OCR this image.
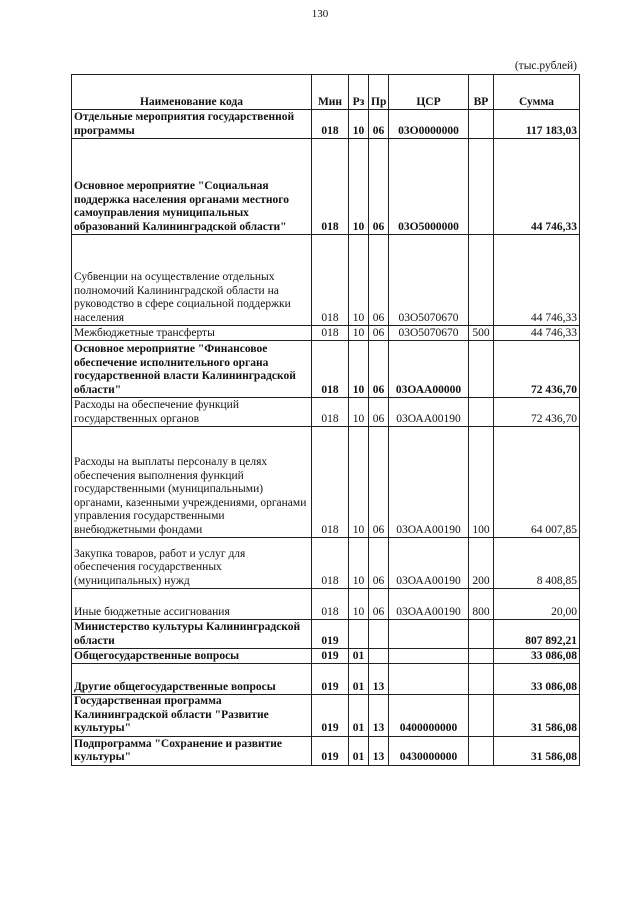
130
(тыс.рублей)
Наименование кода	Мин	Рз	Пр	ЦСР	ВР	Сумма
Отдельные мероприятия государственной программы	018	10	06	03О0000000		117 183,03
Основное мероприятие "Социальная поддержка населения органами местного самоуправления муниципальных образований Калининградской области"	018	10	06	03О5000000		44 746,33
Субвенции на осуществление отдельных полномочий Калининградской области на руководство в сфере социальной поддержки населения	018	10	06	03О5070670		44 746,33
Межбюджетные трансферты	018	10	06	03О5070670	500	44 746,33
Основное мероприятие "Финансовое обеспечение исполнительного органа государственной власти Калининградской области"	018	10	06	03ОАА00000		72 436,70
Расходы на обеспечение функций государственных органов	018	10	06	03ОАА00190		72 436,70
Расходы на выплаты персоналу в целях обеспечения выполнения функций государственными (муниципальными) органами, казенными учреждениями, органами управления государственными внебюджетными фондами	018	10	06	03ОАА00190	100	64 007,85
Закупка товаров, работ и услуг для обеспечения государственных (муниципальных) нужд	018	10	06	03ОАА00190	200	8 408,85
Иные бюджетные ассигнования	018	10	06	03ОАА00190	800	20,00
Министерство культуры Калининградской области	019					807 892,21
Общегосударственные вопросы	019	01				33 086,08
Другие общегосударственные вопросы	019	01	13			33 086,08
Государственная программа Калининградской области "Развитие культуры"	019	01	13	0400000000		31 586,08
Подпрограмма "Сохранение и развитие культуры"	019	01	13	0430000000		31 586,08
